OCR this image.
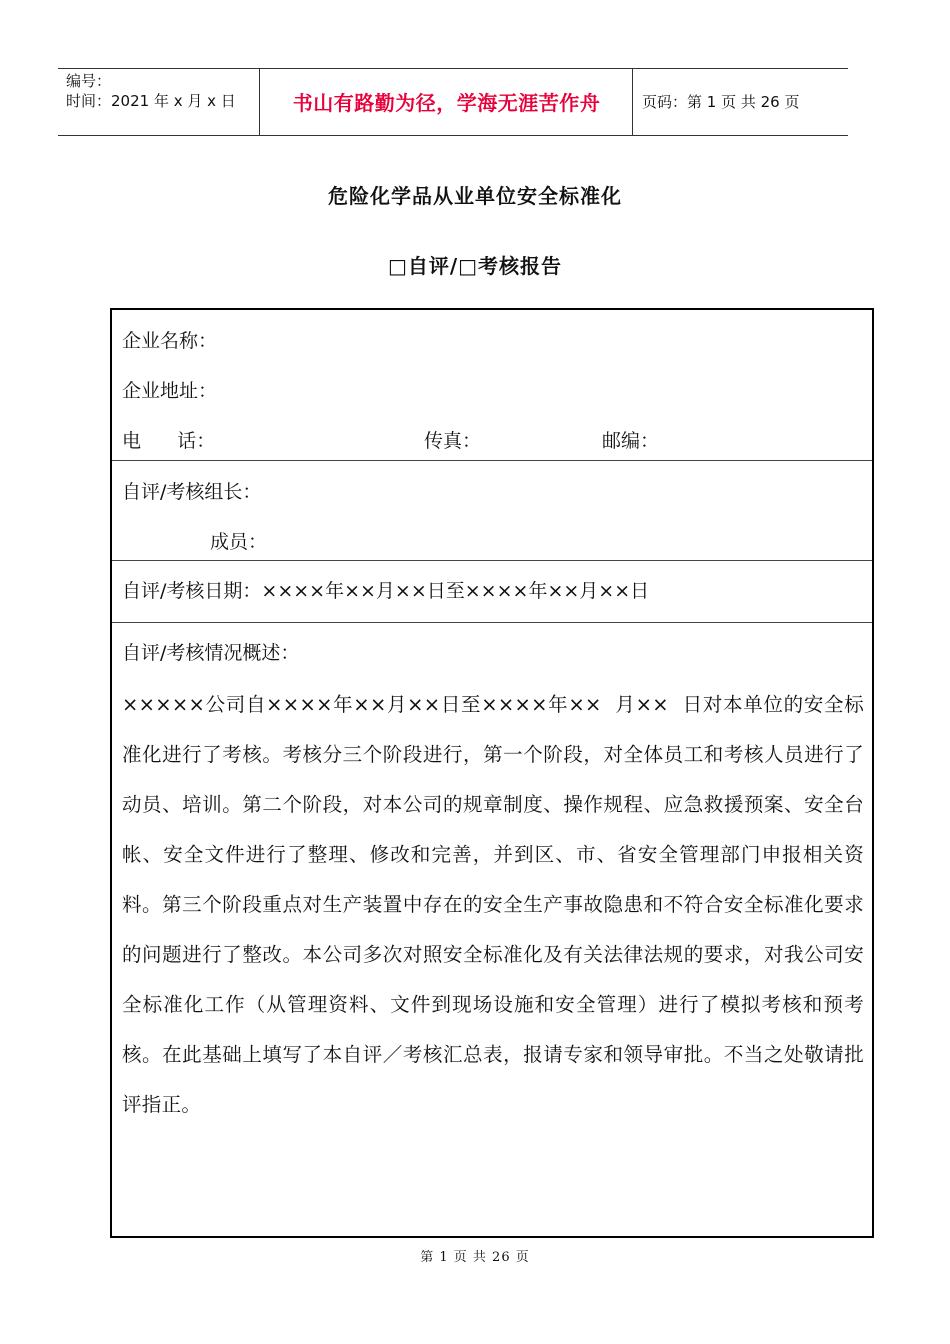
编号：
时间：2021 年 x 月 x 日	书山有路勤为径，学海无涯苦作舟	页码：第 1 页 共 26 页
危险化学品从业单位安全标准化
□自评/□考核报告
企业名称：
企业地址：
电      话：	传真：	邮编：
自评/考核组长：
成员：
自评/考核日期：××××年××月××日至××××年××月××日
自评/考核情况概述：
×××××公司自××××年××月××日至××××年××  月××  日对本单位的安全标准化进行了考核。考核分三个阶段进行，第一个阶段，对全体员工和考核人员进行了动员、培训。第二个阶段，对本公司的规章制度、操作规程、应急救援预案、安全台帐、安全文件进行了整理、修改和完善，并到区、市、省安全管理部门申报相关资料。第三个阶段重点对生产装置中存在的安全生产事故隐患和不符合安全标准化要求的问题进行了整改。本公司多次对照安全标准化及有关法律法规的要求，对我公司安全标准化工作（从管理资料、文件到现场设施和安全管理）进行了模拟考核和预考核。在此基础上填写了本自评／考核汇总表，报请专家和领导审批。不当之处敬请批评指正。
第 1 页 共 26 页
